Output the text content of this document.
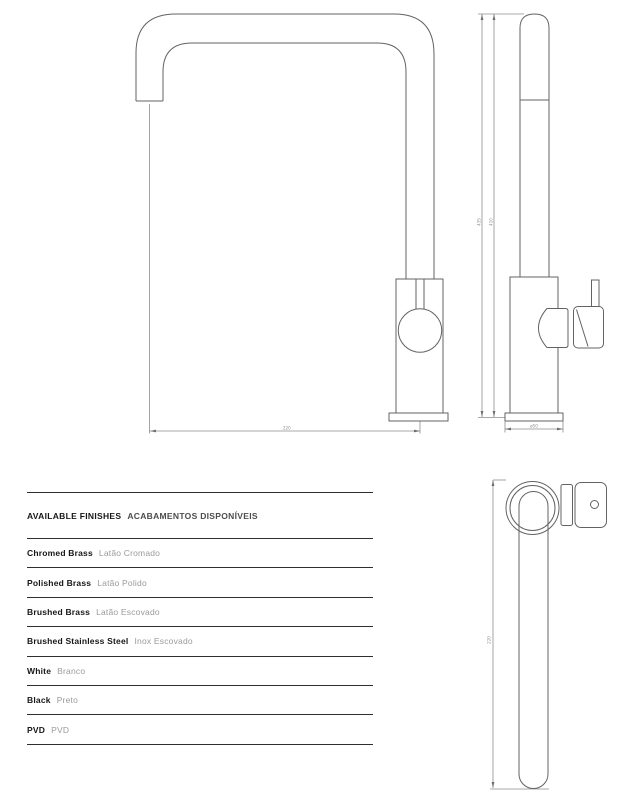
220
435 410
ø50
220
AVAILABLE FINISHES ACABAMENTOS DISPONÍVEIS
Chromed Brass Latão Cromado
Polished Brass Latão Polido
Brushed Brass Latão Escovado
Brushed Stainless Steel Inox Escovado
White Branco
Black Preto
PVD PVD
